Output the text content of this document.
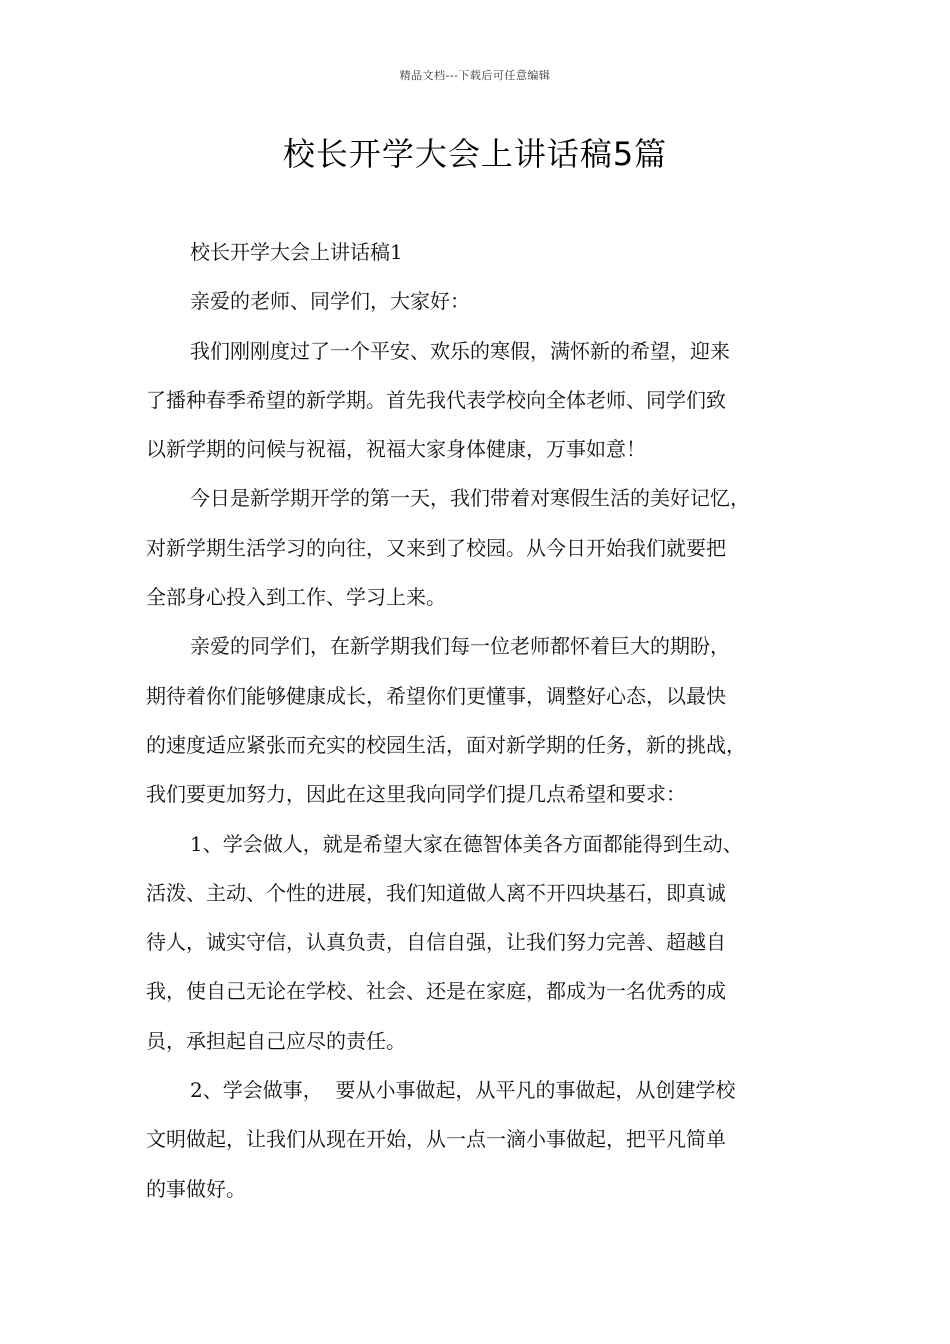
精品文档---下载后可任意编辑
校长开学大会上讲话稿5篇

校长开学大会上讲话稿1

亲爱的老师、同学们，大家好：

我们刚刚度过了一个平安、欢乐的寒假，满怀新的希望，迎来
了播种春季希望的新学期。首先我代表学校向全体老师、同学们致
以新学期的问候与祝福，祝福大家身体健康，万事如意！

今日是新学期开学的第一天，我们带着对寒假生活的美好记忆，
对新学期生活学习的向往，又来到了校园。从今日开始我们就要把
全部身心投入到工作、学习上来。

亲爱的同学们，在新学期我们每一位老师都怀着巨大的期盼，
期待着你们能够健康成长，希望你们更懂事，调整好心态，以最快
的速度适应紧张而充实的校园生活，面对新学期的任务，新的挑战，
我们要更加努力，因此在这里我向同学们提几点希望和要求：

1、学会做人，就是希望大家在德智体美各方面都能得到生动、
活泼、主动、个性的进展，我们知道做人离不开四块基石，即真诚
待人，诚实守信，认真负责，自信自强，让我们努力完善、超越自
我，使自己无论在学校、社会、还是在家庭，都成为一名优秀的成
员，承担起自己应尽的责任。

2、学会做事，  要从小事做起，从平凡的事做起，从创建学校
文明做起，让我们从现在开始，从一点一滴小事做起，把平凡简单
的事做好。
